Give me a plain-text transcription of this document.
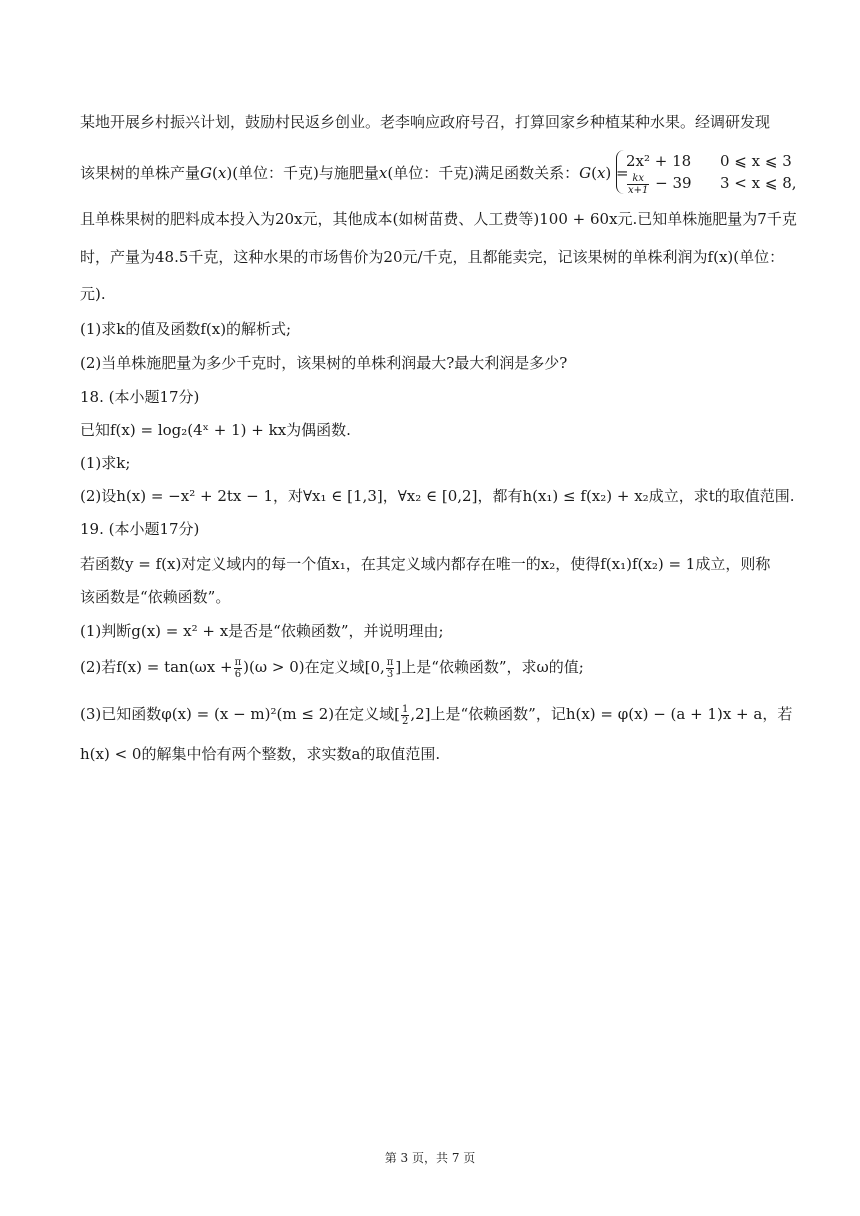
某地开展乡村振兴计划，鼓励村民返乡创业。老李响应政府号召，打算回家乡种植某种水果。经调研发现
该果树的单株产量G(x)(单位：千克)与施肥量x(单位：千克)满足函数关系：G(x) =
2x² + 18 0 ⩽ x ⩽ 3
$\frac{kx}{x+1} - 39$ 3 < x ⩽ 8,
且单株果树的肥料成本投入为20x元，其他成本(如树苗费、人工费等)100 + 60x元.已知单株施肥量为7千克
时，产量为48.5千克，这种水果的市场售价为20元/千克，且都能卖完，记该果树的单株利润为f(x)(单位：
元).
(1)求k的值及函数f(x)的解析式;
(2)当单株施肥量为多少千克时，该果树的单株利润最大?最大利润是多少?
18. (本小题17分)
已知f(x) = log₂(4ˣ + 1) + kx为偶函数.
(1)求k;
(2)设h(x) = −x² + 2tx − 1，对∀x₁ ∈ [1,3]，∀x₂ ∈ [0,2]，都有h(x₁) ≤ f(x₂) + x₂成立，求t的取值范围.
19. (本小题17分)
若函数y = f(x)对定义域内的每一个值x₁，在其定义域内都存在唯一的x₂，使得f(x₁)f(x₂) = 1成立，则称
该函数是“依赖函数”。
(1)判断g(x) = x² + x是否是“依赖函数”，并说明理由;
(2)若$f(x) = \tan(\omega x + \frac{\pi}{6} )(\omega > 0)$在定义域[0, $\frac{\pi}{3}$ ]上是“依赖函数”，求ω的值;
(3)已知函数φ(x) = (x − m)²(m ≤ 2)在定义域[ $\frac{1}{2} ,2$]上是“依赖函数”，记h(x) = φ(x) − (a + 1)x + a，若
h(x) < 0的解集中恰有两个整数，求实数a的取值范围.
第 3 页，共 7 页
